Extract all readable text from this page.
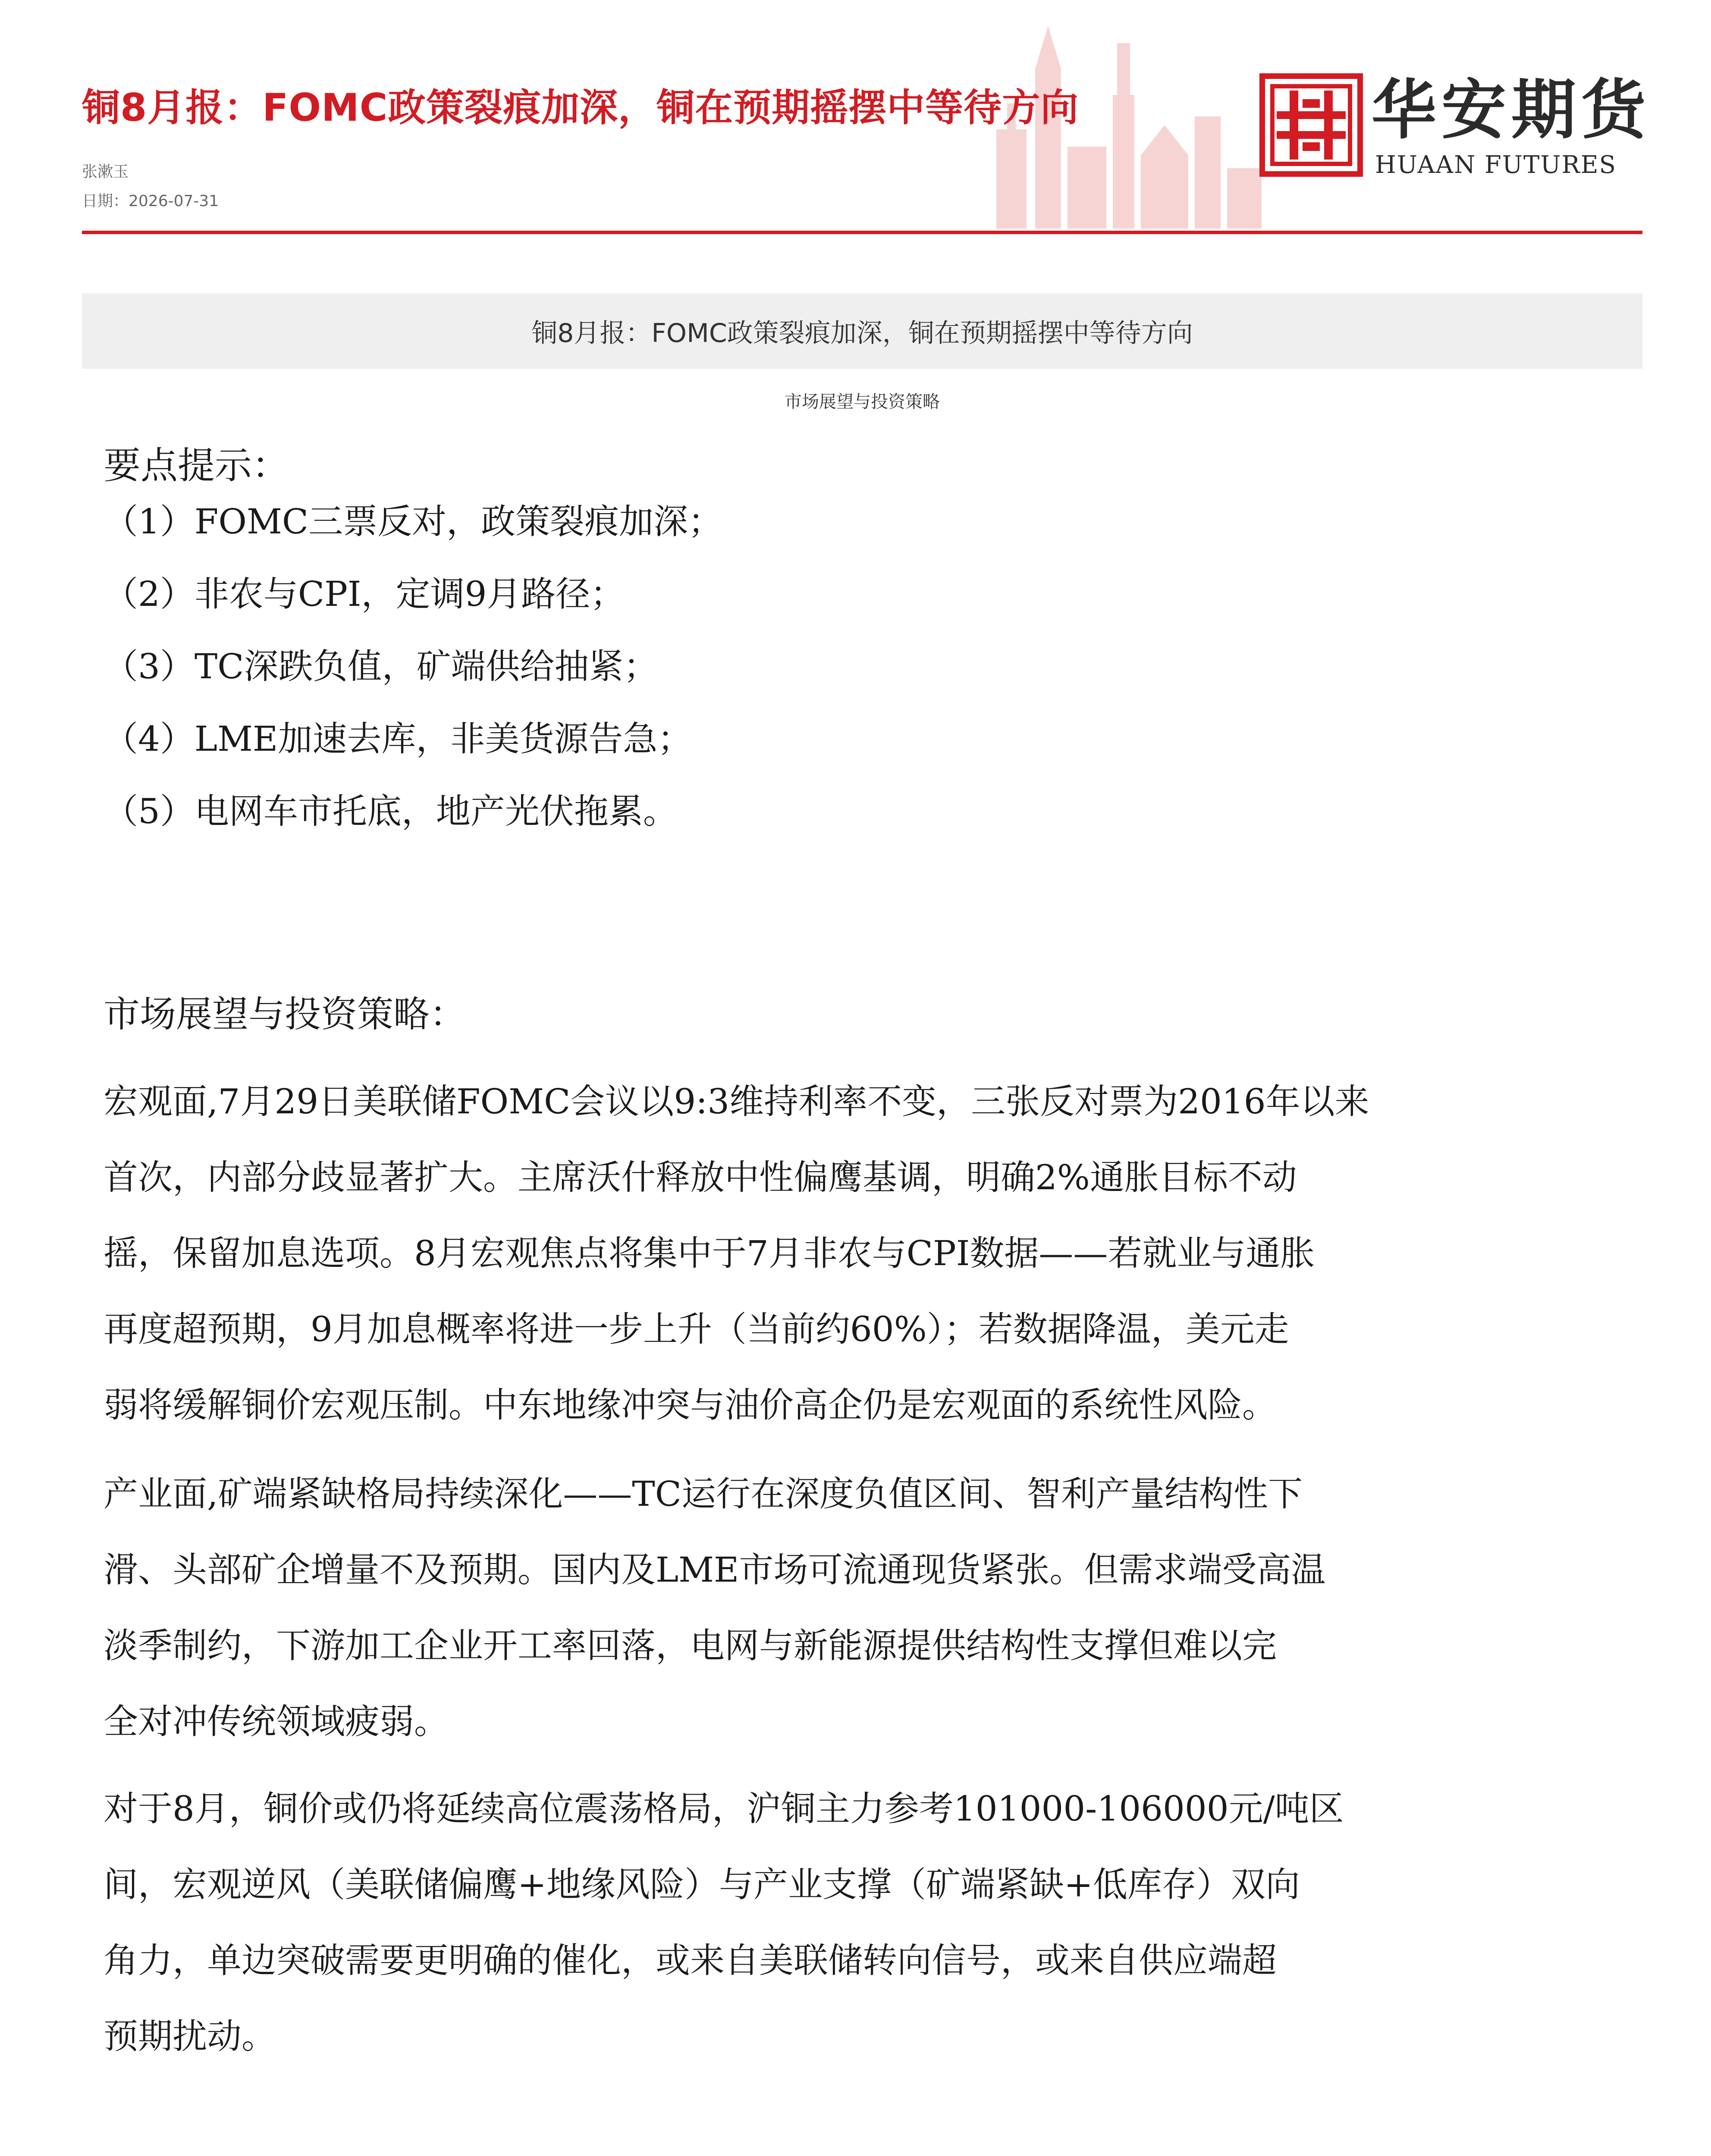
铜8月报：FOMC政策裂痕加深，铜在预期摇摆中等待方向
张漱玉
日期：2026-07-31
华安期货
HUAAN FUTURES
铜8月报：FOMC政策裂痕加深，铜在预期摇摆中等待方向
市场展望与投资策略
要点提示：
（1）FOMC三票反对，政策裂痕加深；
（2）非农与CPI，定调9月路径；
（3）TC深跌负值，矿端供给抽紧；
（4）LME加速去库，非美货源告急；
（5）电网车市托底，地产光伏拖累。
市场展望与投资策略：

宏观面,7月29日美联储FOMC会议以9:3维持利率不变，三张反对票为2016年以来
首次，内部分歧显著扩大。主席沃什释放中性偏鹰基调，明确2%通胀目标不动
摇，保留加息选项。8月宏观焦点将集中于7月非农与CPI数据——若就业与通胀
再度超预期，9月加息概率将进一步上升（当前约60%）；若数据降温，美元走
弱将缓解铜价宏观压制。中东地缘冲突与油价高企仍是宏观面的系统性风险。

产业面,矿端紧缺格局持续深化——TC运行在深度负值区间、智利产量结构性下
滑、头部矿企增量不及预期。国内及LME市场可流通现货紧张。但需求端受高温
淡季制约，下游加工企业开工率回落，电网与新能源提供结构性支撑但难以完
全对冲传统领域疲弱。

对于8月，铜价或仍将延续高位震荡格局，沪铜主力参考101000-106000元/吨区
间，宏观逆风（美联储偏鹰+地缘风险）与产业支撑（矿端紧缺+低库存）双向
角力，单边突破需要更明确的催化，或来自美联储转向信号，或来自供应端超
预期扰动。
